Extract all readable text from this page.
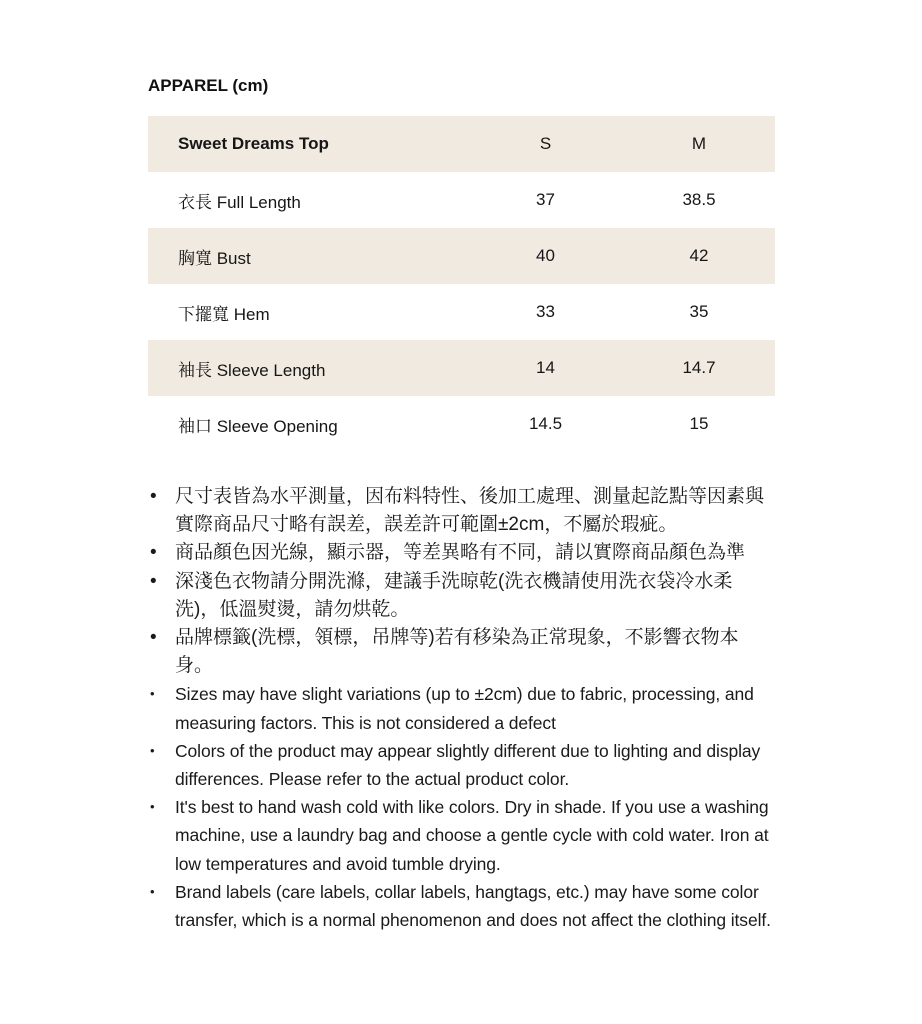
APPAREL (cm)
Sweet Dreams Top	S	M
衣長 Full Length	37	38.5
胸寬 Bust	40	42
下擺寬 Hem	33	35
袖長 Sleeve Length	14	14.7
袖口 Sleeve Opening	14.5	15
• 尺寸表皆為水平測量，因布料特性、後加工處理、測量起訖點等因素與實際商品尺寸略有誤差，誤差許可範圍±2cm，不屬於瑕疵。
• 商品顏色因光線，顯示器，等差異略有不同，請以實際商品顏色為準
• 深淺色衣物請分開洗滌，建議手洗晾乾(洗衣機請使用洗衣袋冷水柔洗)，低溫熨燙，請勿烘乾。
• 品牌標籤(洗標，領標，吊牌等)若有移染為正常現象，不影響衣物本身。
•	Sizes may have slight variations (up to ±2cm) due to fabric, processing, and measuring factors. This is not considered a defect
•	Colors of the product may appear slightly different due to lighting and display differences. Please refer to the actual product color.
•	It's best to hand wash cold with like colors. Dry in shade. If you use a washing machine, use a laundry bag and choose a gentle cycle with cold water. Iron at low temperatures and avoid tumble drying.
•	Brand labels (care labels, collar labels, hangtags, etc.) may have some color transfer, which is a normal phenomenon and does not affect the clothing itself.
